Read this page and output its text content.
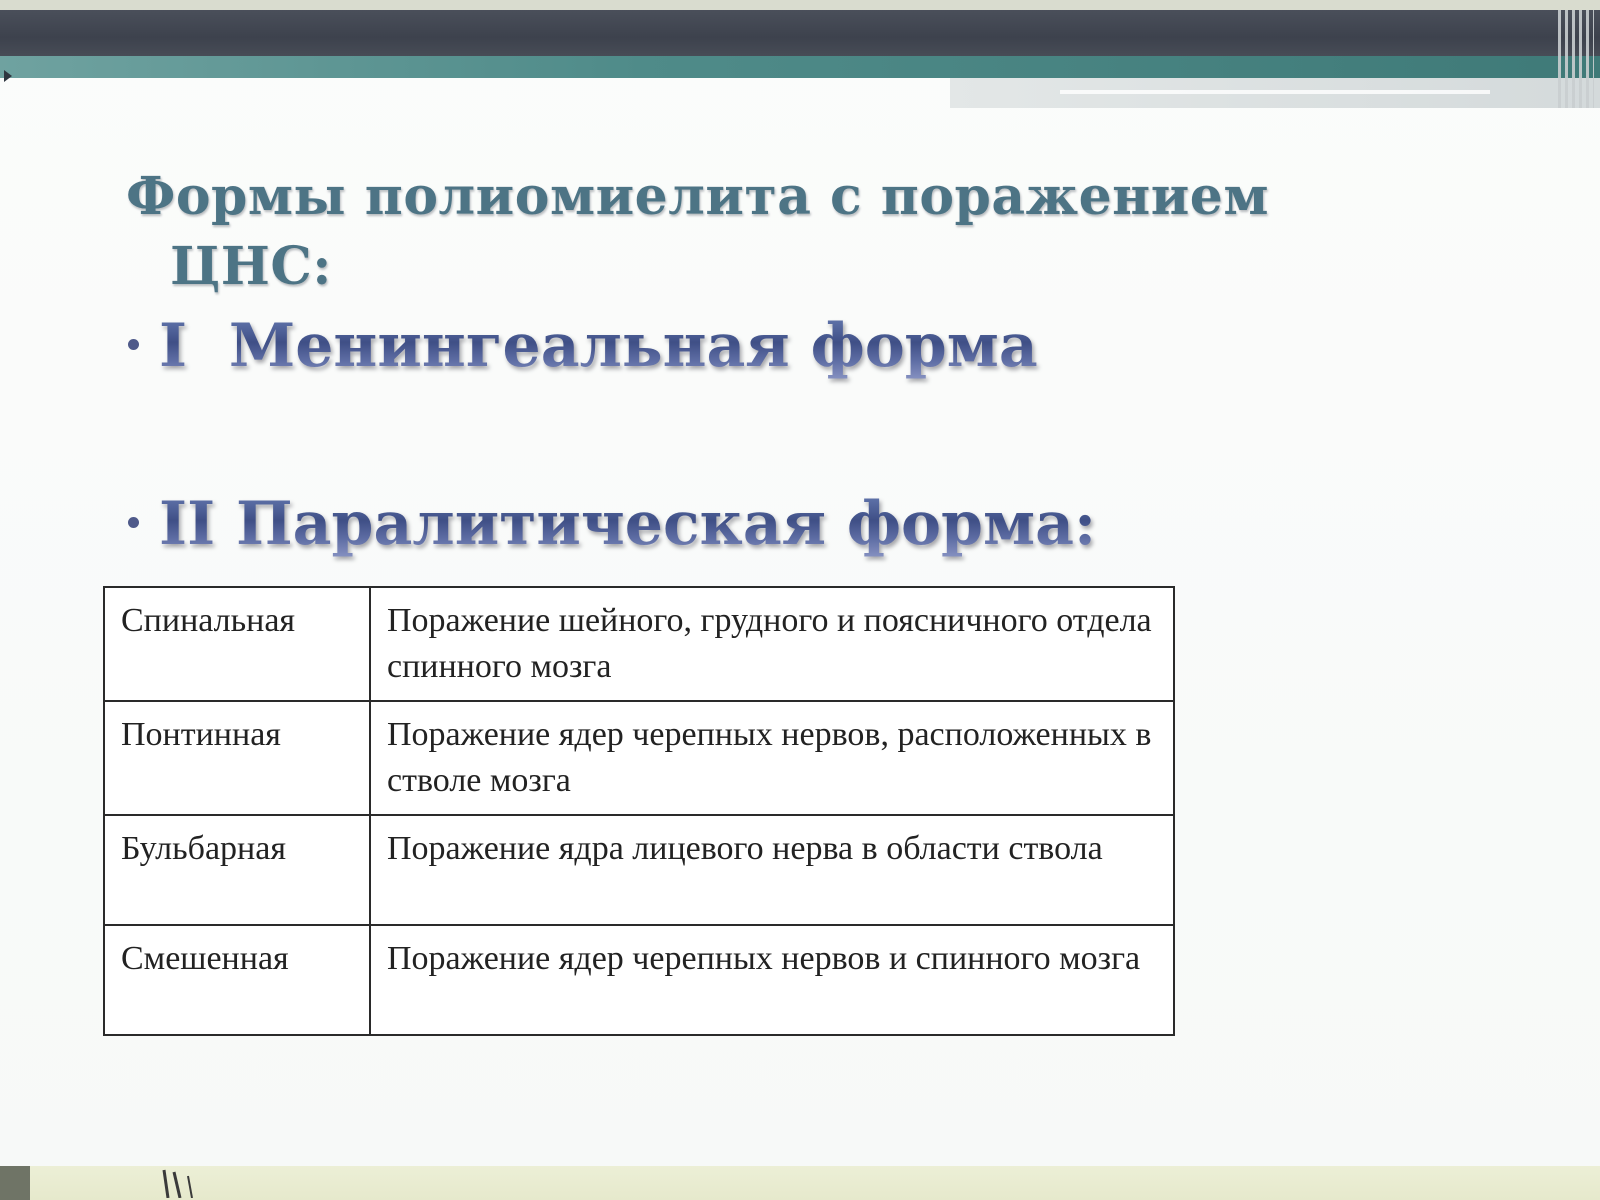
Формы полиомиелита с поражением
ЦНС:
I  Менингеальная форма
II Паралитическая форма:
Спинальная	Поражение шейного, грудного и поясничного отдела спинного мозга
Понтинная	Поражение ядер черепных нервов, расположенных в стволе мозга
Бульбарная	Поражение ядра лицевого нерва в области ствола
Смешенная	Поражение ядер черепных нервов и спинного мозга
